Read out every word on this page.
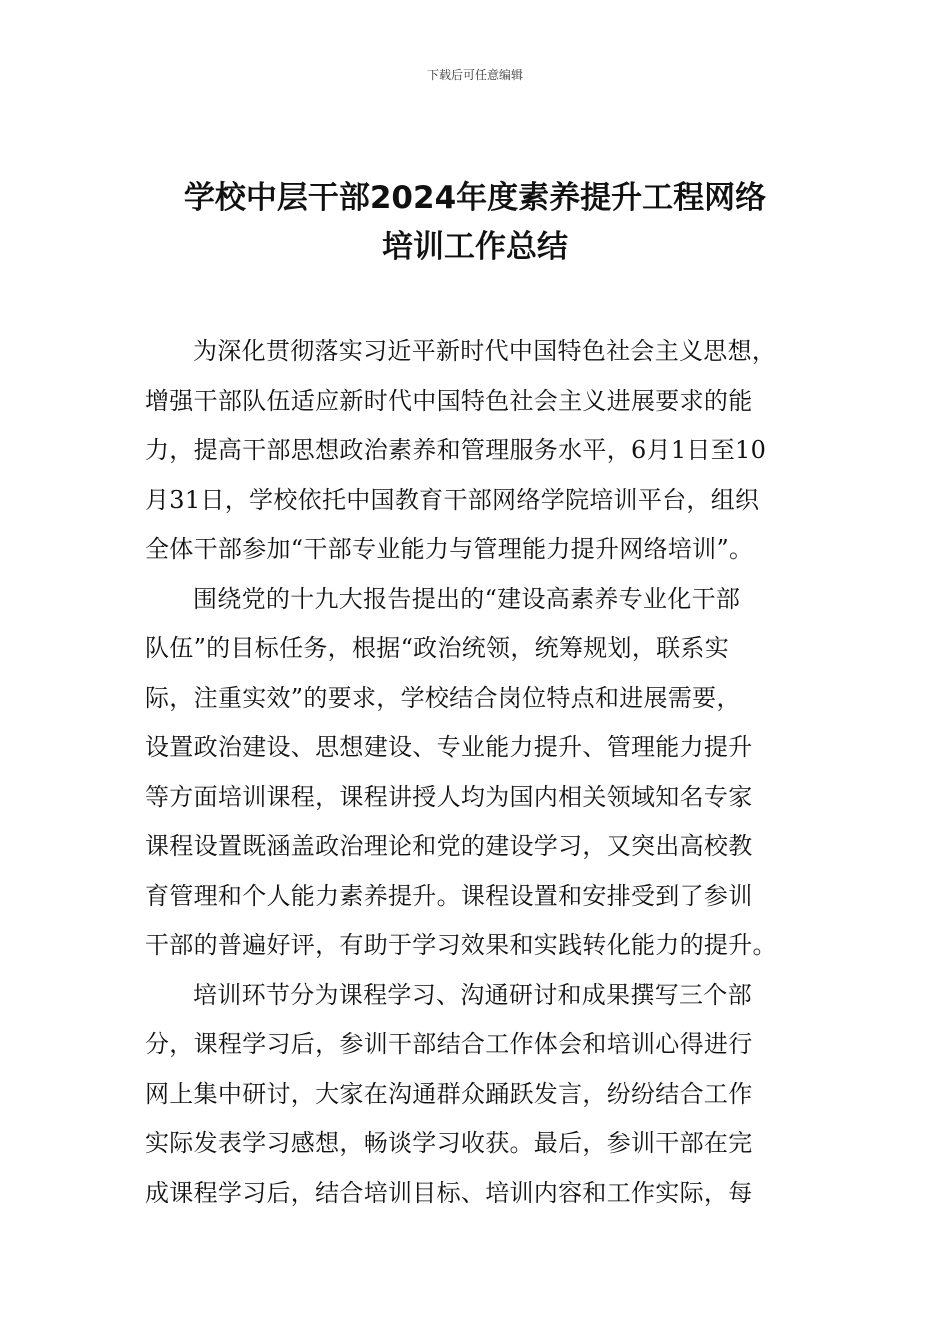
下载后可任意编辑
学校中层干部2024年度素养提升工程网络
培训工作总结

为深化贯彻落实习近平新时代中国特色社会主义思想，
增强干部队伍适应新时代中国特色社会主义进展要求的能
力，提高干部思想政治素养和管理服务水平，6月1日至10
月31日，学校依托中国教育干部网络学院培训平台，组织
全体干部参加“干部专业能力与管理能力提升网络培训”。

围绕党的十九大报告提出的“建设高素养专业化干部
队伍”的目标任务，根据“政治统领，统筹规划，联系实
际，注重实效”的要求，学校结合岗位特点和进展需要，
设置政治建设、思想建设、专业能力提升、管理能力提升
等方面培训课程，课程讲授人均为国内相关领域知名专家
课程设置既涵盖政治理论和党的建设学习，又突出高校教
育管理和个人能力素养提升。课程设置和安排受到了参训
干部的普遍好评，有助于学习效果和实践转化能力的提升。

培训环节分为课程学习、沟通研讨和成果撰写三个部
分，课程学习后，参训干部结合工作体会和培训心得进行
网上集中研讨，大家在沟通群众踊跃发言，纷纷结合工作
实际发表学习感想，畅谈学习收获。最后，参训干部在完
成课程学习后，结合培训目标、培训内容和工作实际，每
